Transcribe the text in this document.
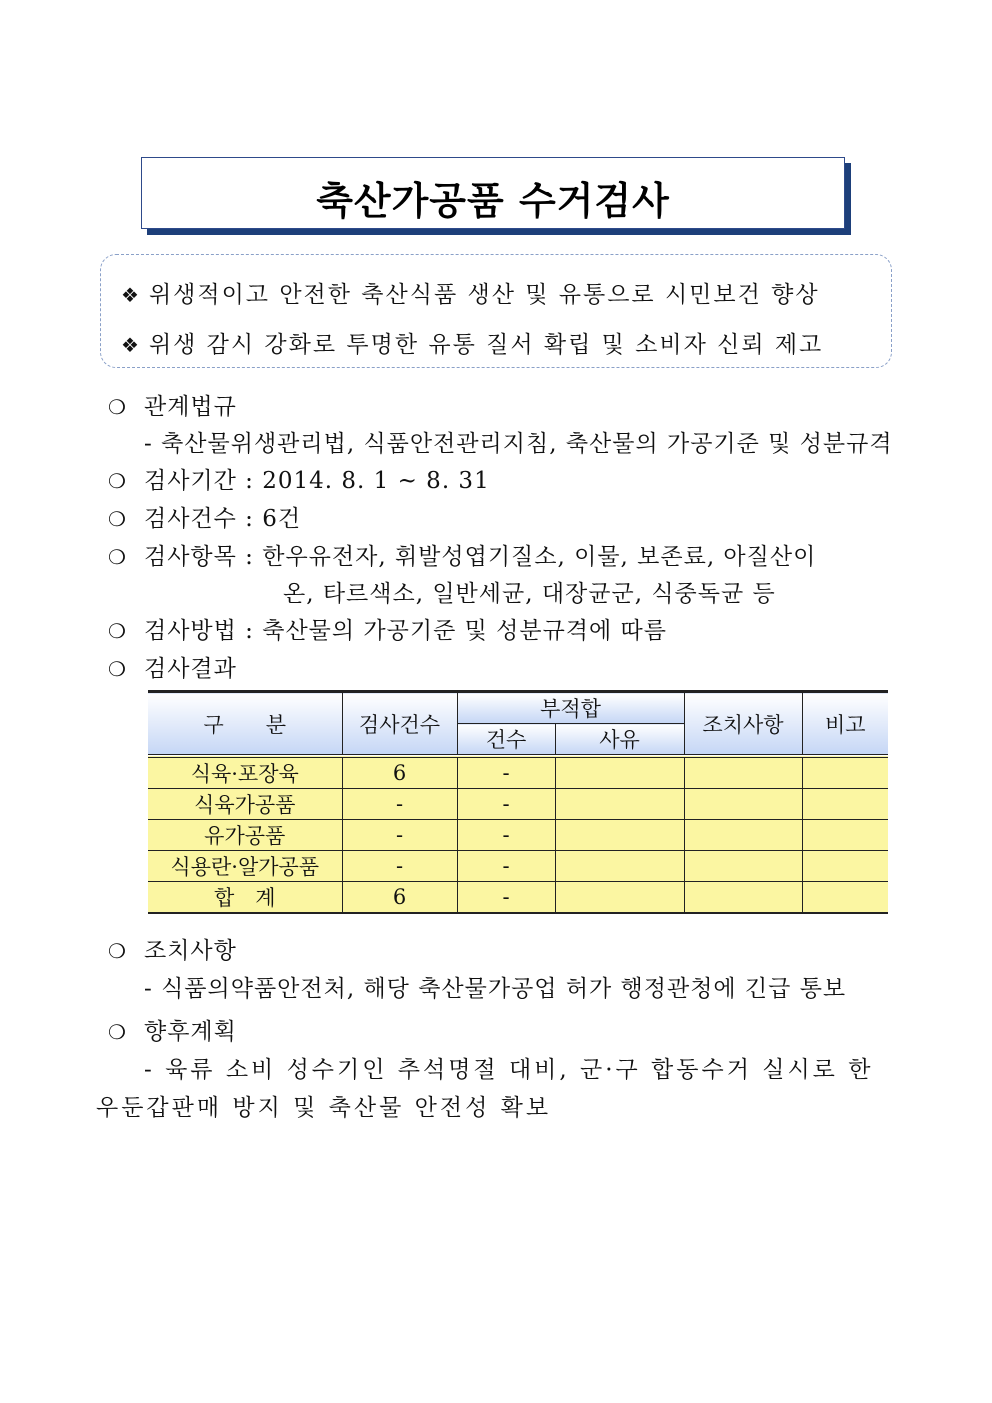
축산가공품 수거검사
❖ 위생적이고 안전한 축산식품 생산 및 유통으로 시민보건 향상
❖ 위생 감시 강화로 투명한 유통 질서 확립 및 소비자 신뢰 제고
❍ 관계법규
- 축산물위생관리법, 식품안전관리지침, 축산물의 가공기준 및 성분규격
❍ 검사기간 : 2014. 8. 1 ~ 8. 31
❍ 검사건수 : 6건
❍ 검사항목 : 한우유전자, 휘발성엽기질소, 이물, 보존료, 아질산이
온, 타르색소, 일반세균, 대장균군, 식중독균 등
❍ 검사방법 : 축산물의 가공기준 및 성분규격에 따름
❍ 검사결과
구　　분	검사건수	부적합		조치사항	비고
		건수	사유		
식육·포장육	6	-			
식육가공품	-	-			
유가공품	-	-			
식용란·알가공품	-	-			
합　계	6	-			
❍ 조치사항
- 식품의약품안전처, 해당 축산물가공업 허가 행정관청에 긴급 통보
❍ 향후계획
- 육류 소비 성수기인 추석명절 대비, 군·구 합동수거 실시로 한
우둔갑판매 방지 및 축산물 안전성 확보
